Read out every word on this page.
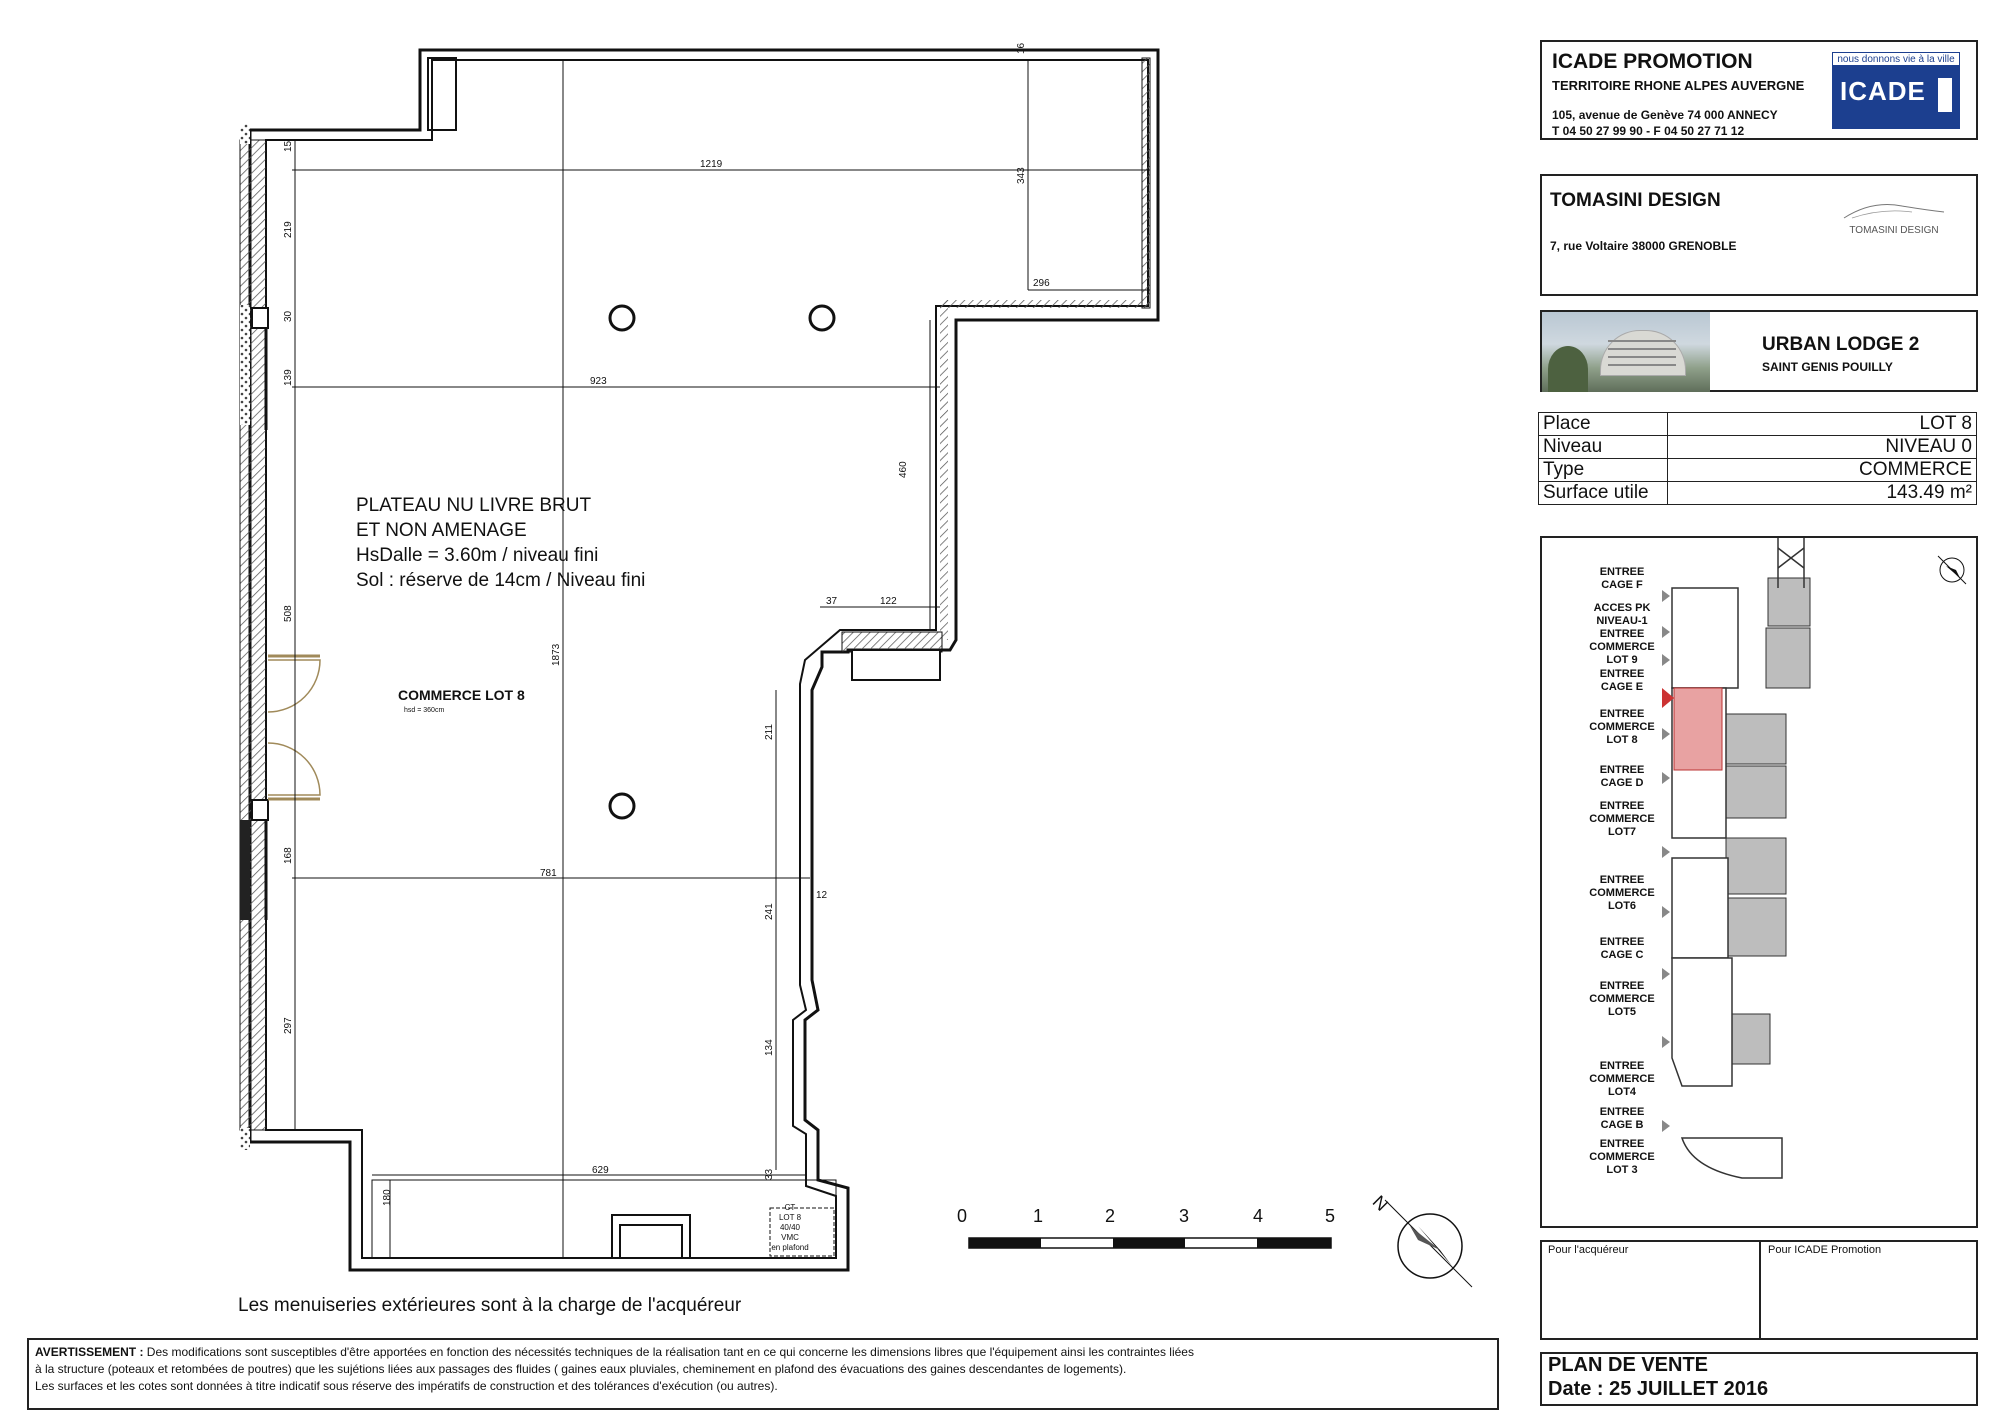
1219
923
781
629
343
296
460
37	122
1873
211
241
134
33
12
15
219
30
139
508
168
297
180
16
PLATEAU NU LIVRE BRUT
ET NON AMENAGE
HsDalle = 3.60m / niveau fini
Sol : réserve de 14cm / Niveau fini
COMMERCE LOT 8
hsd = 360cm
CT
LOT 8
40/40
VMC
en plafond
0	1	2	3	4	5
N
Les menuiseries extérieures sont à la charge de l'acquéreur
ICADE PROMOTION
TERRITOIRE RHONE ALPES AUVERGNE
105, avenue de Genève 74 000 ANNECY
T 04 50 27 99 90 - F 04 50 27 71 12
nous donnons vie à la ville
ICADE
TOMASINI DESIGN
7, rue Voltaire 38000 GRENOBLE
TOMASINI DESIGN
URBAN LODGE 2
SAINT GENIS POUILLY
Place	LOT 8
Niveau	NIVEAU 0
Type	COMMERCE
Surface utile	143.49 m²
ENTREE
CAGE F
ACCES PK
NIVEAU-1
ENTREE
COMMERCE
LOT 9
ENTREE
CAGE E
ENTREE
COMMERCE
LOT 8
ENTREE
CAGE D
ENTREE
COMMERCE
LOT7
ENTREE
COMMERCE
LOT6
ENTREE
CAGE C
ENTREE
COMMERCE
LOT5
ENTREE
COMMERCE
LOT4
ENTREE
CAGE B
ENTREE
COMMERCE
LOT 3
Pour l'acquéreur	Pour ICADE Promotion
PLAN DE VENTE
Date : 25 JUILLET 2016
AVERTISSEMENT : Des modifications sont susceptibles d'être apportées en fonction des nécessités techniques de la réalisation tant en ce qui concerne les dimensions libres que l'équipement ainsi les contraintes liées
à la structure (poteaux et retombées de poutres) que les sujétions liées aux passages des fluides ( gaines eaux pluviales, cheminement en plafond des évacuations des gaines descendantes de logements).
Les surfaces et les cotes sont données à titre indicatif sous réserve des impératifs de construction et des tolérances d'exécution (ou autres).
